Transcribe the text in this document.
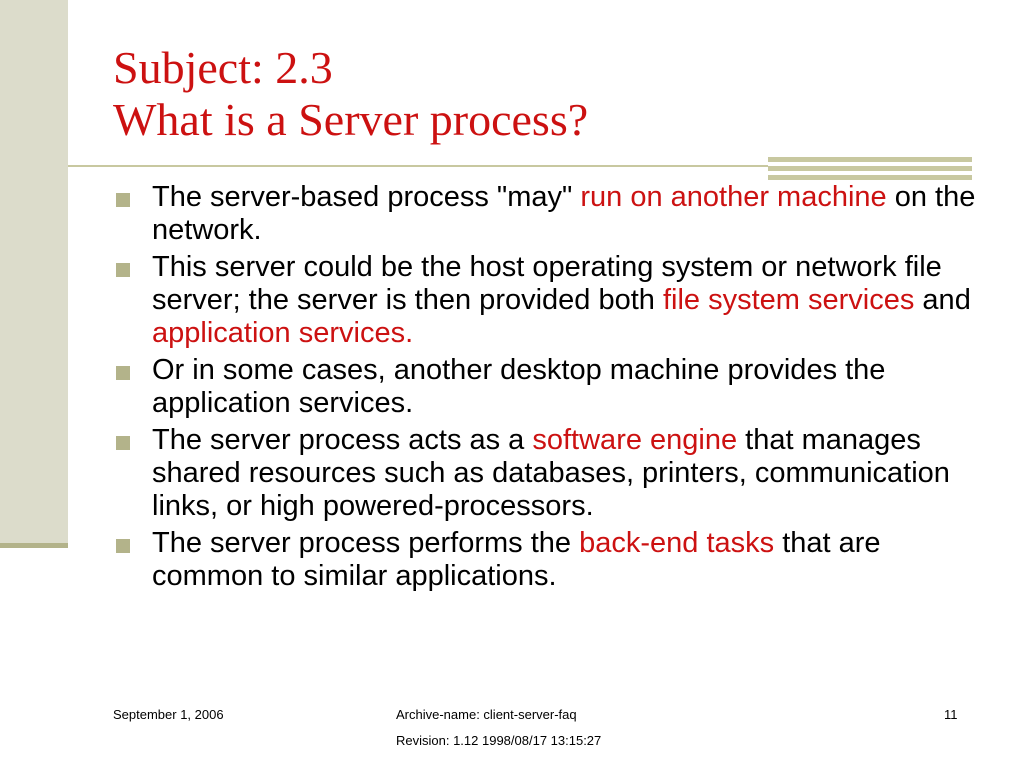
Subject: 2.3
What is a Server process?
The server-based process "may" run on another machine on the network.
This server could be the host operating system or network file server; the server is then provided both file system services and application services.
Or in some cases, another desktop machine provides the application services.
The server process acts as a software engine that manages shared resources such as databases, printers, communication links, or high powered-processors.
The server process performs the back-end tasks that are common to similar applications.
September 1, 2006	Archive-name: client-server-faq	11
Revision: 1.12 1998/08/17 13:15:27
